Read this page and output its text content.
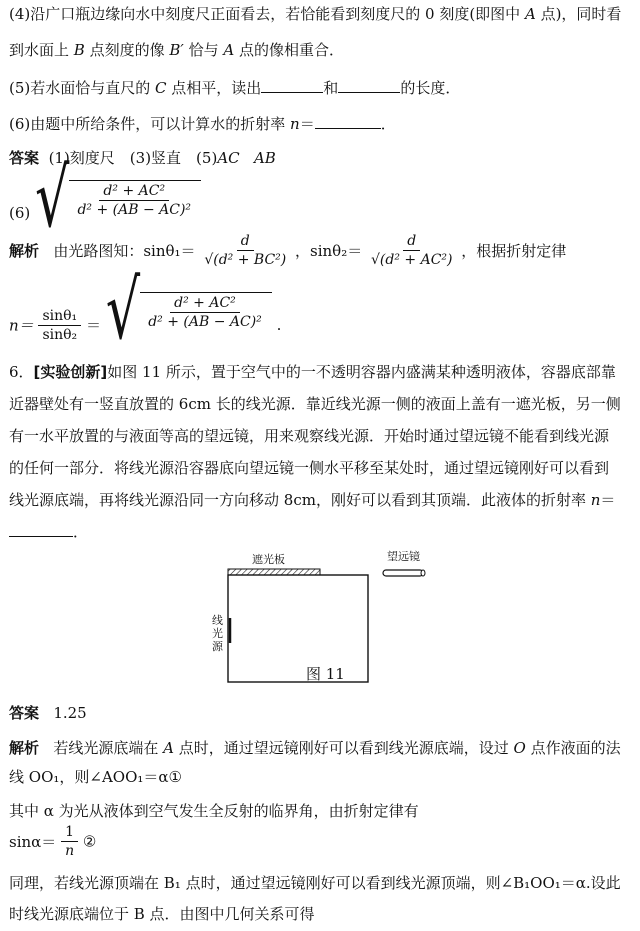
(4)沿广口瓶边缘向水中刻度尺正面看去，若恰能看到刻度尺的 0 刻度(即图中 A 点)，同时看
到水面上 B 点刻度的像 B′ 恰与 A 点的像相重合．
(5)若水面恰与直尺的 C 点相平，读出	和	的长度．
(6)由题中所给条件，可以计算水的折射率 n＝	．
答案 (1)刻度尺　(3)竖直　(5)AC AB
(6) √ $\frac{\text{d² + AC²}}{\text{d² + (AB − AC)²}}$
解析 由光路图知：$\sin\theta_1= \frac{d}{\text{√(d² + BC²)}}$ ，$\sin\theta_2= \frac{d}{\text{√(d² + AC²)}}$ ，根据折射定律
$n= \frac{\text{sinθ₁}}{\text{sinθ₂}}$ ＝ √ $\frac{\text{d² + AC²}}{\text{d² + (AB − AC)²}}$ .
6．[实验创新]如图 11 所示，置于空气中的一不透明容器内盛满某种透明液体，容器底部靠
近器壁处有一竖直放置的 6cm 长的线光源．靠近线光源一侧的液面上盖有一遮光板，另一侧
有一水平放置的与液面等高的望远镜，用来观察线光源．开始时通过望远镜不能看到线光源
的任何一部分．将线光源沿容器底向望远镜一侧水平移至某处时，通过望远镜刚好可以看到
线光源底端，再将线光源沿同一方向移动 8cm，刚好可以看到其顶端．此液体的折射率 n＝
．
遮光板	望远镜
线
光
源
图 11
答案 1.25
解析 若线光源底端在 A 点时，通过望远镜刚好可以看到线光源底端，设过 O 点作液面的法
线 OO₁，则∠AOO₁＝α①
其中 α 为光从液体到空气发生全反射的临界角，由折射定律有
$\sin\alpha= \frac{1}{n}$ ②
同理，若线光源顶端在 B₁ 点时，通过望远镜刚好可以看到线光源顶端，则∠B₁OO₁＝α.设此
时线光源底端位于 B 点．由图中几何关系可得
